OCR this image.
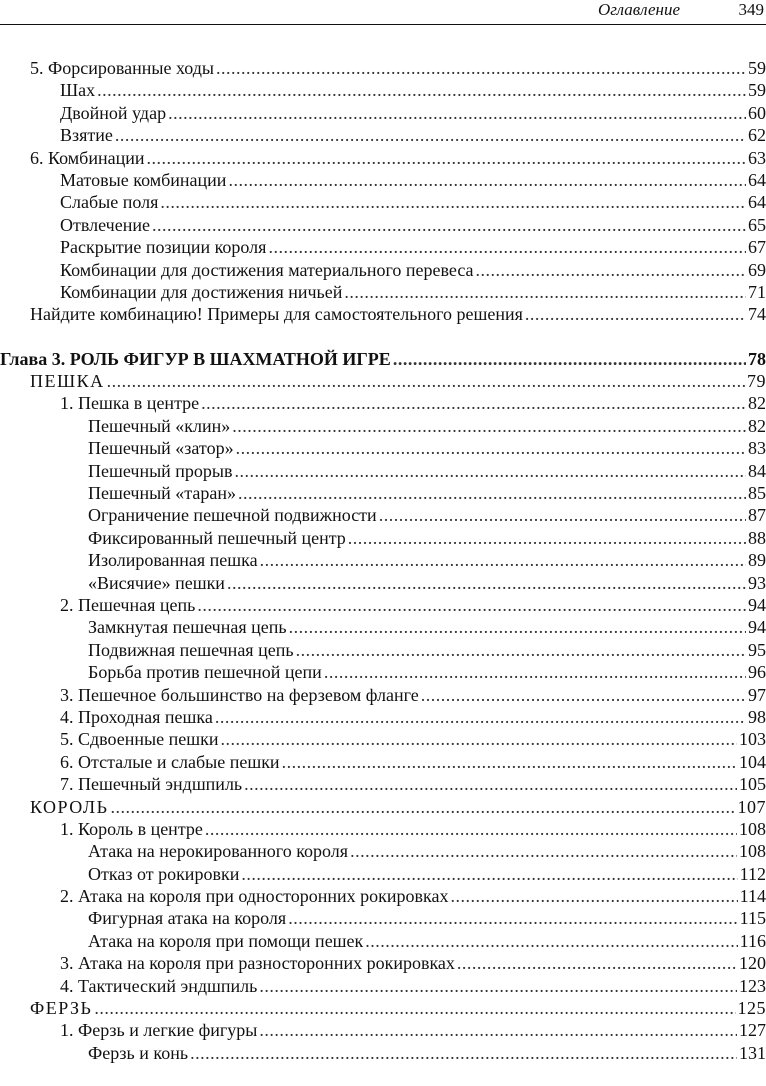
Оглавление	349
5. Форсированные ходы .....	59
Шах .....	59
Двойной удар .....	60
Взятие .....	62
6. Комбинации .....	63
Матовые комбинации .....	64
Слабые поля .....	64
Отвлечение .....	65
Раскрытие позиции короля .....	67
Комбинации для достижения материального перевеса .....	69
Комбинации для достижения ничьей .....	71
Найдите комбинацию! Примеры для самостоятельного решения .....	74
Глава 3. РОЛЬ ФИГУР В ШАХМАТНОЙ ИГРЕ .....	78
ПЕШКА .....	79
1. Пешка в центре .....	82
Пешечный «клин» .....	82
Пешечный «затор» .....	83
Пешечный прорыв .....	84
Пешечный «таран» .....	85
Ограничение пешечной подвижности .....	87
Фиксированный пешечный центр .....	88
Изолированная пешка .....	89
«Висячие» пешки .....	93
2. Пешечная цепь .....	94
Замкнутая пешечная цепь .....	94
Подвижная пешечная цепь .....	95
Борьба против пешечной цепи .....	96
3. Пешечное большинство на ферзевом фланге .....	97
4. Проходная пешка .....	98
5. Сдвоенные пешки .....	103
6. Отсталые и слабые пешки .....	104
7. Пешечный эндшпиль .....	105
КОРОЛЬ .....	107
1. Король в центре .....	108
Атака на нерокированного короля .....	108
Отказ от рокировки .....	112
2. Атака на короля при односторонних рокировках .....	114
Фигурная атака на короля .....	115
Атака на короля при помощи пешек .....	116
3. Атака на короля при разносторонних рокировках .....	120
4. Тактический эндшпиль .....	123
ФЕРЗЬ .....	125
1. Ферзь и легкие фигуры .....	127
Ферзь и конь .....	131
